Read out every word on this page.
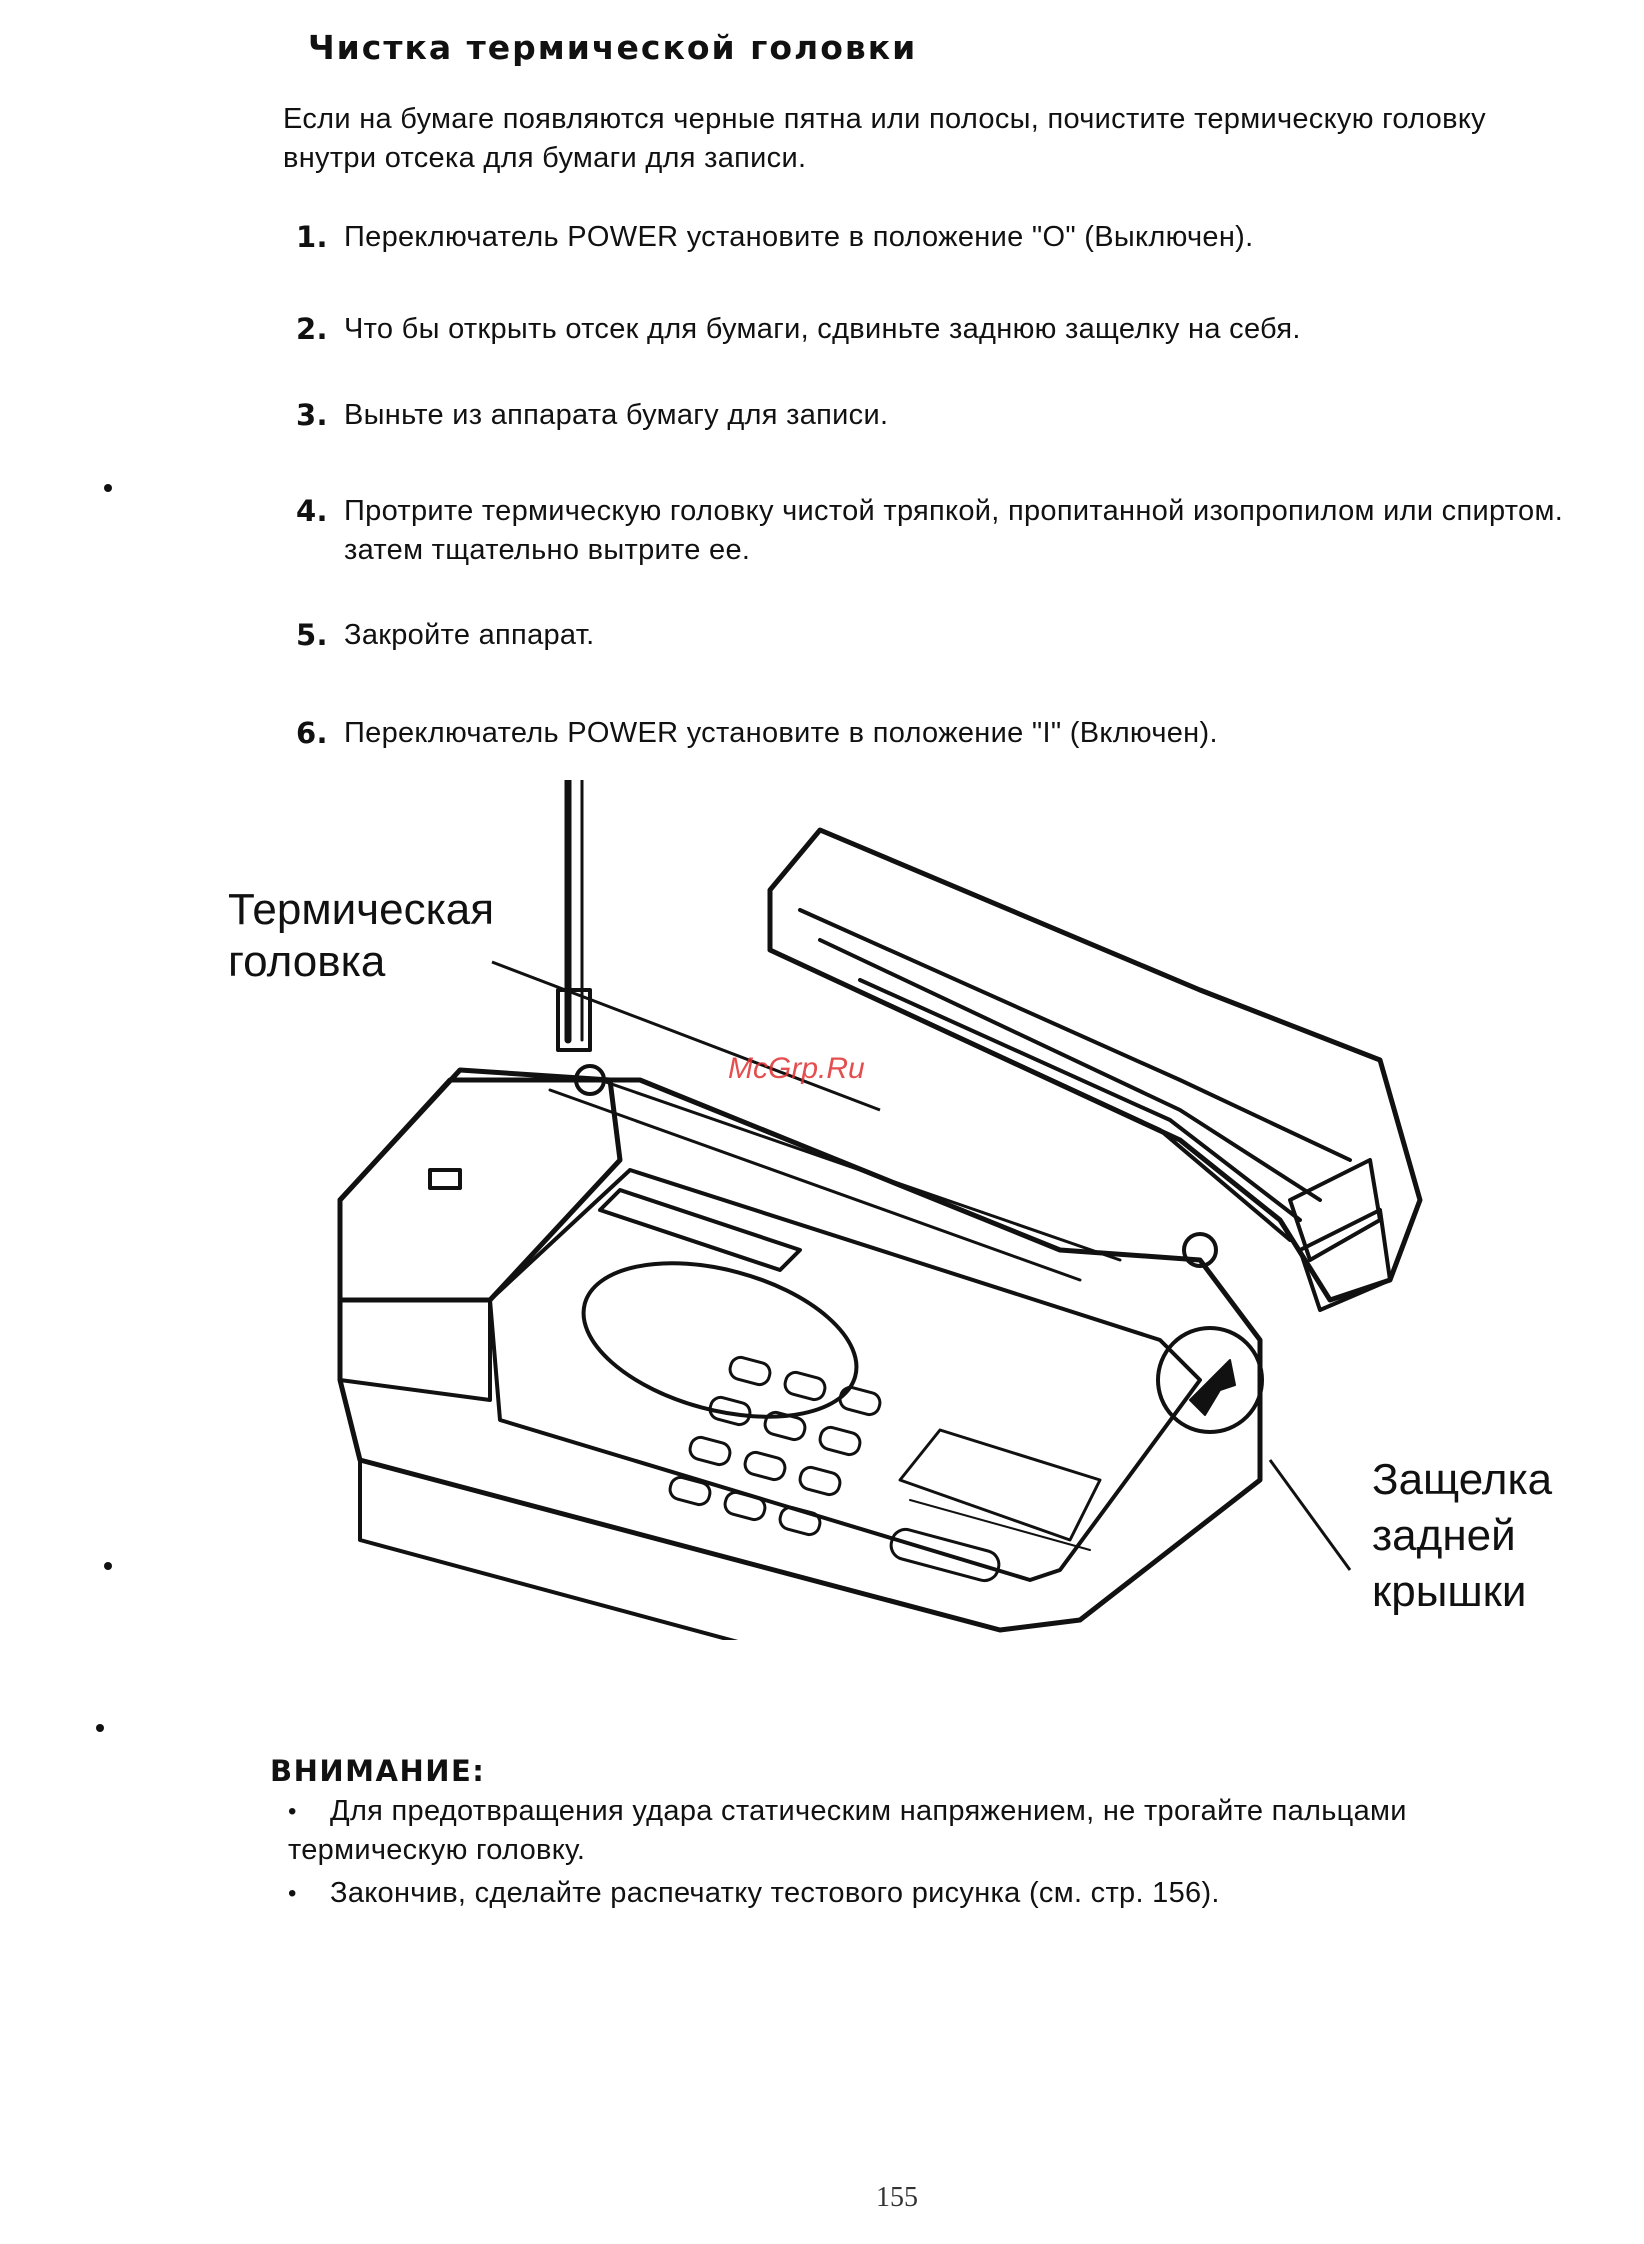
Чистка термической головки
Если на бумаге появляются черные пятна или полосы, почистите термическую головку внутри отсека для бумаги для записи.
1. Переключатель POWER установите в положение "O" (Выключен).
2. Что бы открыть отсек для бумаги, сдвиньте заднюю защелку на себя.
3. Выньте из аппарата бумагу для записи.
4. Протрите термическую головку чистой тряпкой, пропитанной изопропилом или спиртом. затем тщательно вытрите ее.
5. Закройте аппарат.
6. Переключатель POWER установите в положение "I" (Включен).
Термическая
головка
Защелка
задней
крышки
McGrp.Ru
ВНИМАНИЕ:
• Для предотвращения удара статическим напряжением, не трогайте пальцами термическую головку.
• Закончив, сделайте распечатку тестового рисунка (см. стр. 156).
155
